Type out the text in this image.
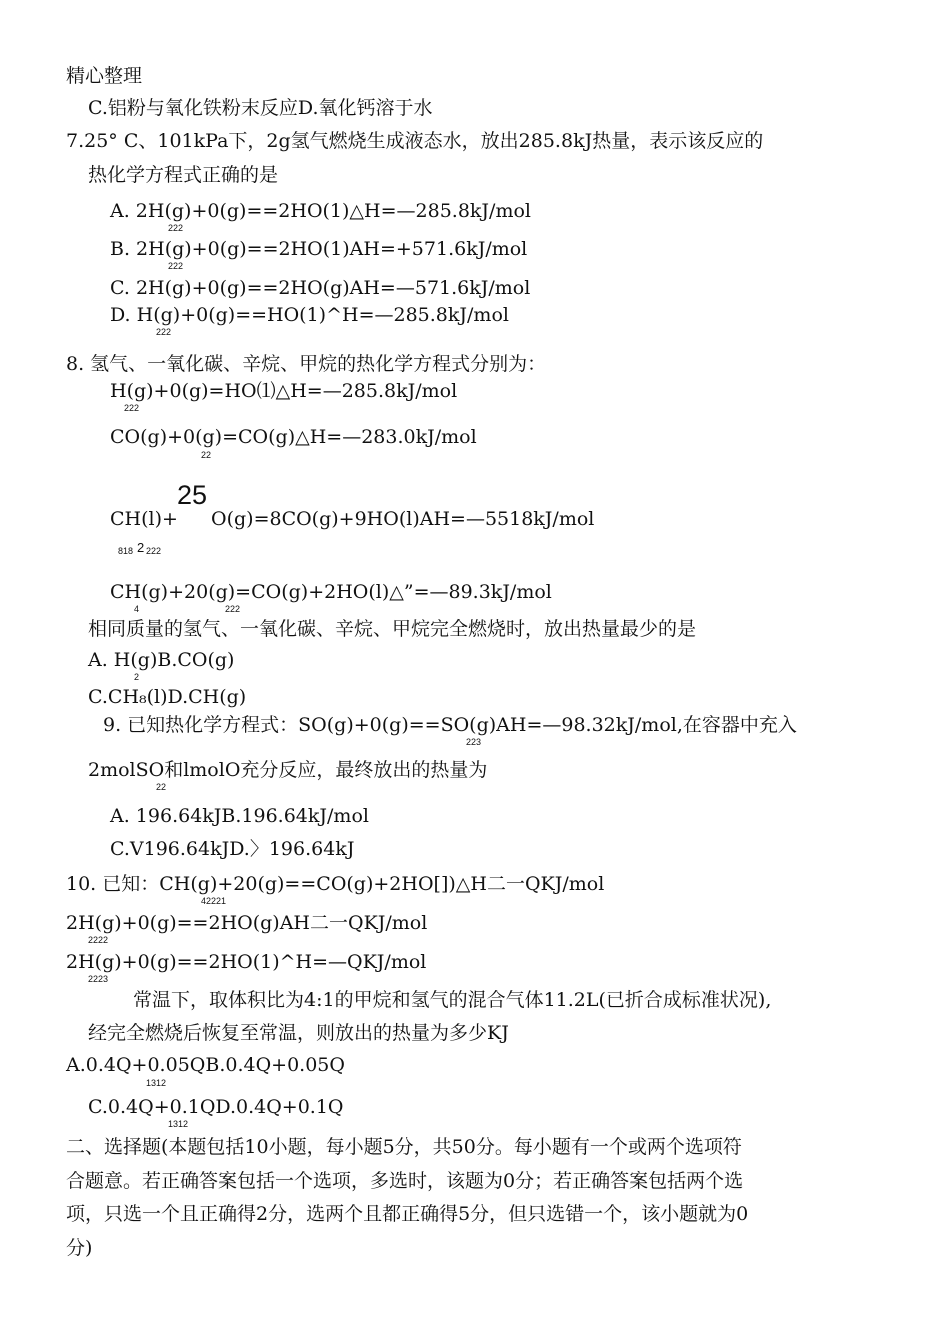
精心整理
C.铝粉与氧化铁粉末反应D.氧化钙溶于水
7.25° C、101kPa下，2g氢气燃烧生成液态水，放出285.8kJ热量，表示该反应的
热化学方程式正确的是
A. 2H(g)+0(g)==2HO(1)△H=—285.8kJ/mol
222
B. 2H(g)+0(g)==2HO(1)AH=+571.6kJ/mol
222
C. 2H(g)+0(g)==2HO(g)AH=—571.6kJ/mol
D. H(g)+0(g)==HO(1)^H=—285.8kJ/mol
222
8. 氢气、一氧化碳、辛烷、甲烷的热化学方程式分别为：
H(g)+0(g)=HO⑴△H=—285.8kJ/mol
222
CO(g)+0(g)=CO(g)△H=—283.0kJ/mol
22
25
CH(l)+ O(g)=8CO(g)+9HO(l)AH=—5518kJ/mol
818 2 222
CH(g)+20(g)=CO(g)+2HO(l)△”=—89.3kJ/mol
4	222
相同质量的氢气、一氧化碳、辛烷、甲烷完全燃烧时，放出热量最少的是
A. H(g)B.CO(g)
2
C.CH₈(l)D.CH(g)
9. 已知热化学方程式：SO(g)+0(g)==SO(g)AH=—98.32kJ/mol,在容器中充入
223
2molSO和lmolO充分反应，最终放出的热量为
22
A. 196.64kJB.196.64kJ/mol
C.V196.64kJD.〉196.64kJ
10. 已知：CH(g)+20(g)==CO(g)+2HO[])△H二一QKJ/mol
42221
2H(g)+0(g)==2HO(g)AH二一QKJ/mol
2222
2H(g)+0(g)==2HO(1)^H=—QKJ/mol
2223
常温下，取体积比为4:1的甲烷和氢气的混合气体11.2L(已折合成标准状况),
经完全燃烧后恢复至常温，则放出的热量为多少KJ
A.0.4Q+0.05QB.0.4Q+0.05Q
1312
C.0.4Q+0.1QD.0.4Q+0.1Q
1312
二、选择题(本题包括10小题，每小题5分，共50分。每小题有一个或两个选项符
合题意。若正确答案包括一个选项，多选时，该题为0分；若正确答案包括两个选
项，只选一个且正确得2分，选两个且都正确得5分，但只选错一个，该小题就为0
分)
